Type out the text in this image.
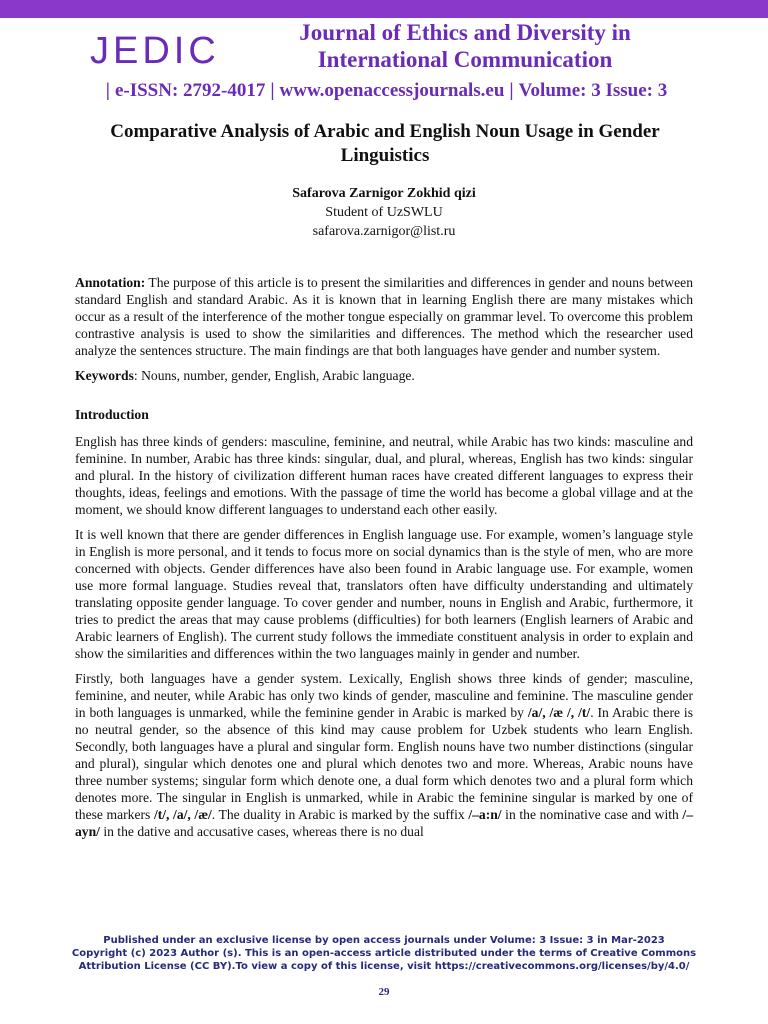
JEDIC	Journal of Ethics and Diversity in International Communication
| e-ISSN: 2792-4017 | www.openaccessjournals.eu | Volume: 3 Issue: 3
Comparative Analysis of Arabic and English Noun Usage in Gender Linguistics
Safarova Zarnigor Zokhid qizi
Student of UzSWLU
safarova.zarnigor@list.ru

Annotation: The purpose of this article is to present the similarities and differences in gender and nouns between standard English and standard Arabic. As it is known that in learning English there are many mistakes which occur as a result of the interference of the mother tongue especially on grammar level. To overcome this problem contrastive analysis is used to show the similarities and differences. The method which the researcher used analyze the sentences structure. The main findings are that both languages have gender and number system.

Keywords: Nouns, number, gender, English, Arabic language.

Introduction

English has three kinds of genders: masculine, feminine, and neutral, while Arabic has two kinds: masculine and feminine. In number, Arabic has three kinds: singular, dual, and plural, whereas, English has two kinds: singular and plural. In the history of civilization different human races have created different languages to express their thoughts, ideas, feelings and emotions. With the passage of time the world has become a global village and at the moment, we should know different languages to understand each other easily.

It is well known that there are gender differences in English language use. For example, women’s language style in English is more personal, and it tends to focus more on social dynamics than is the style of men, who are more concerned with objects. Gender differences have also been found in Arabic language use. For example, women use more formal language. Studies reveal that, translators often have difficulty understanding and ultimately translating opposite gender language. To cover gender and number, nouns in English and Arabic, furthermore, it tries to predict the areas that may cause problems (difficulties) for both learners (English learners of Arabic and Arabic learners of English). The current study follows the immediate constituent analysis in order to explain and show the similarities and differences within the two languages mainly in gender and number.

Firstly, both languages have a gender system. Lexically, English shows three kinds of gender; masculine, feminine, and neuter, while Arabic has only two kinds of gender, masculine and feminine. The masculine gender in both languages is unmarked, while the feminine gender in Arabic is marked by /a/, /æ /, /t/. In Arabic there is no neutral gender, so the absence of this kind may cause problem for Uzbek students who learn English. Secondly, both languages have a plural and singular form. English nouns have two number distinctions (singular and plural), singular which denotes one and plural which denotes two and more. Whereas, Arabic nouns have three number systems; singular form which denote one, a dual form which denotes two and a plural form which denotes more. The singular in English is unmarked, while in Arabic the feminine singular is marked by one of these markers /t/, /a/, /æ/. The duality in Arabic is marked by the suffix /–a:n/ in the nominative case and with /–ayn/ in the dative and accusative cases, whereas there is no dual

Published under an exclusive license by open access journals under Volume: 3 Issue: 3 in Mar-2023
Copyright (c) 2023 Author (s). This is an open-access article distributed under the terms of Creative Commons
Attribution License (CC BY).To view a copy of this license, visit https://creativecommons.org/licenses/by/4.0/
29
